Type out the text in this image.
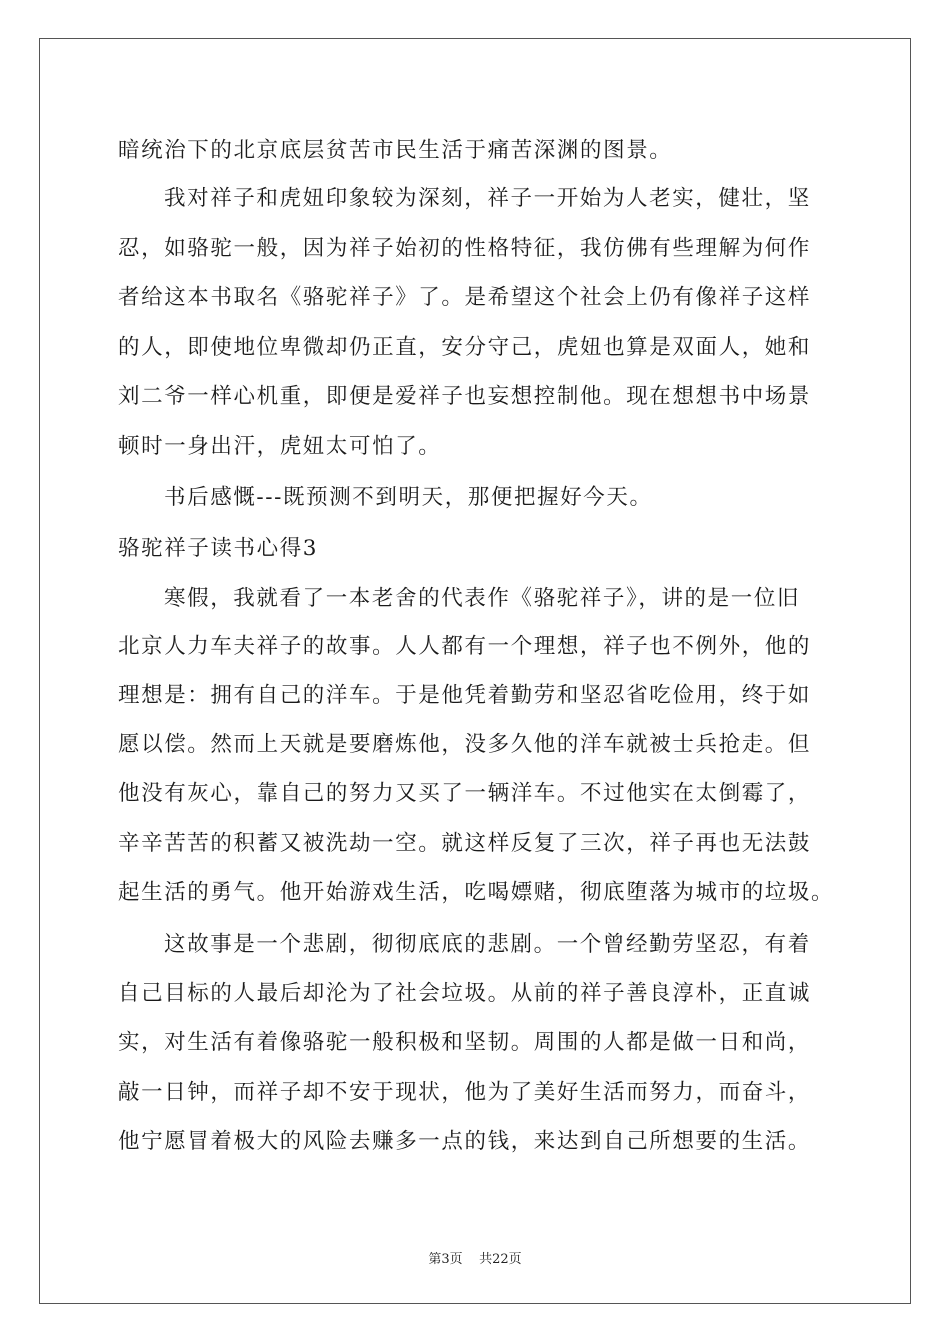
暗统治下的北京底层贫苦市民生活于痛苦深渊的图景。
我对祥子和虎妞印象较为深刻，祥子一开始为人老实，健壮，坚
忍，如骆驼一般，因为祥子始初的性格特征，我仿佛有些理解为何作
者给这本书取名《骆驼祥子》了。是希望这个社会上仍有像祥子这样
的人，即使地位卑微却仍正直，安分守己，虎妞也算是双面人，她和
刘二爷一样心机重，即便是爱祥子也妄想控制他。现在想想书中场景
顿时一身出汗，虎妞太可怕了。
书后感慨---既预测不到明天，那便把握好今天。
骆驼祥子读书心得3
寒假，我就看了一本老舍的代表作《骆驼祥子》，讲的是一位旧
北京人力车夫祥子的故事。人人都有一个理想，祥子也不例外，他的
理想是：拥有自己的洋车。于是他凭着勤劳和坚忍省吃俭用，终于如
愿以偿。然而上天就是要磨炼他，没多久他的洋车就被士兵抢走。但
他没有灰心，靠自己的努力又买了一辆洋车。不过他实在太倒霉了，
辛辛苦苦的积蓄又被洗劫一空。就这样反复了三次，祥子再也无法鼓
起生活的勇气。他开始游戏生活，吃喝嫖赌，彻底堕落为城市的垃圾。
这故事是一个悲剧，彻彻底底的悲剧。一个曾经勤劳坚忍，有着
自己目标的人最后却沦为了社会垃圾。从前的祥子善良淳朴，正直诚
实，对生活有着像骆驼一般积极和坚韧。周围的人都是做一日和尚，
敲一日钟，而祥子却不安于现状，他为了美好生活而努力，而奋斗，
他宁愿冒着极大的风险去赚多一点的钱，来达到自己所想要的生活。
第3页 共22页
